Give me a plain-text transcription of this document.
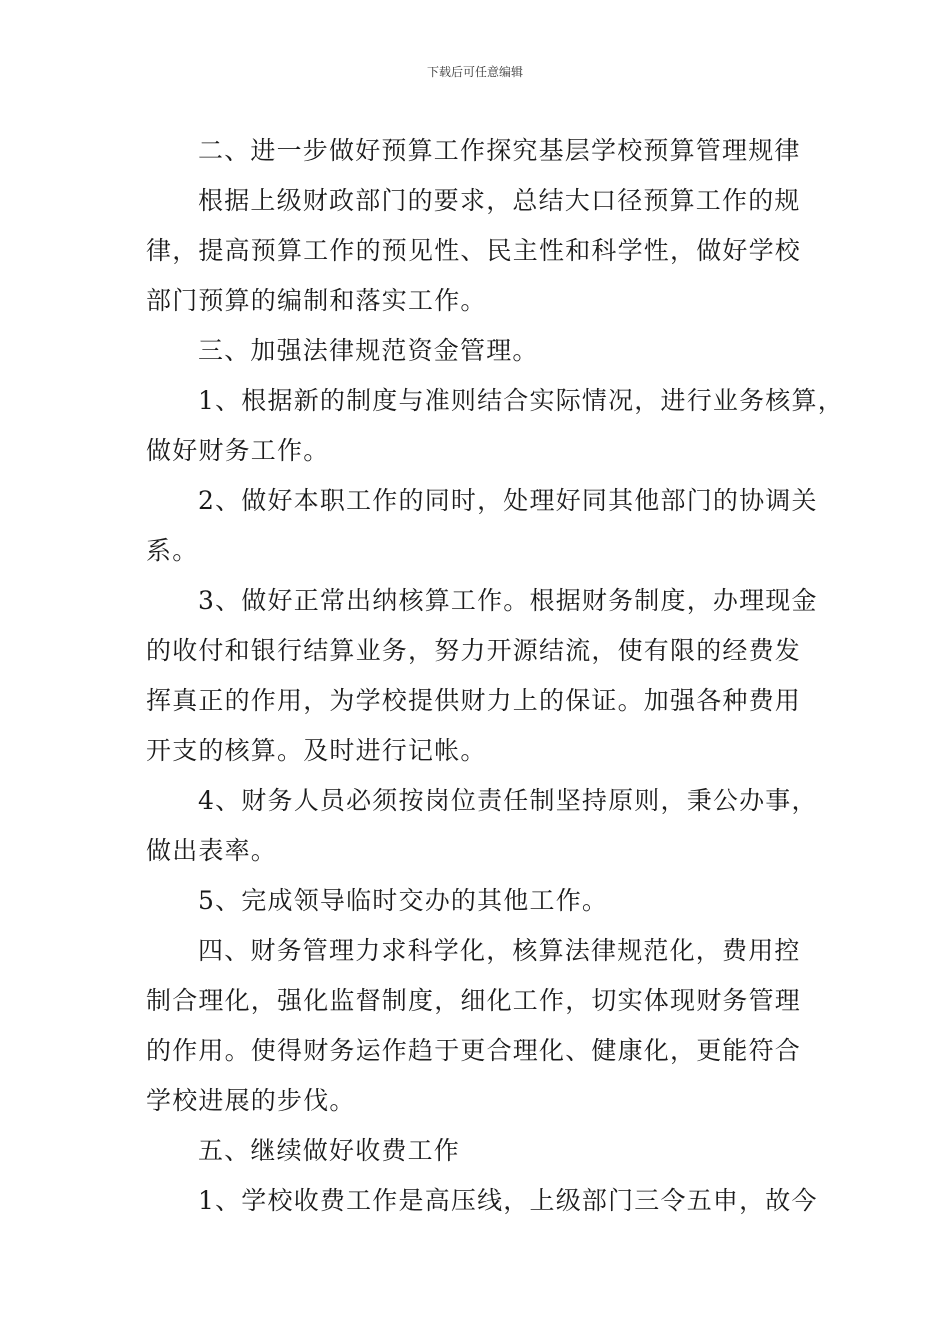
下载后可任意编辑
二、进一步做好预算工作探究基层学校预算管理规律
根据上级财政部门的要求，总结大口径预算工作的规
律，提高预算工作的预见性、民主性和科学性，做好学校
部门预算的编制和落实工作。
三、加强法律规范资金管理。
1、根据新的制度与准则结合实际情况，进行业务核算，
做好财务工作。
2、做好本职工作的同时，处理好同其他部门的协调关
系。
3、做好正常出纳核算工作。根据财务制度，办理现金
的收付和银行结算业务，努力开源结流，使有限的经费发
挥真正的作用，为学校提供财力上的保证。加强各种费用
开支的核算。及时进行记帐。
4、财务人员必须按岗位责任制坚持原则，秉公办事，
做出表率。
5、完成领导临时交办的其他工作。
四、财务管理力求科学化，核算法律规范化，费用控
制合理化，强化监督制度，细化工作，切实体现财务管理
的作用。使得财务运作趋于更合理化、健康化，更能符合
学校进展的步伐。
五、继续做好收费工作
1、学校收费工作是高压线，上级部门三令五申，故今
